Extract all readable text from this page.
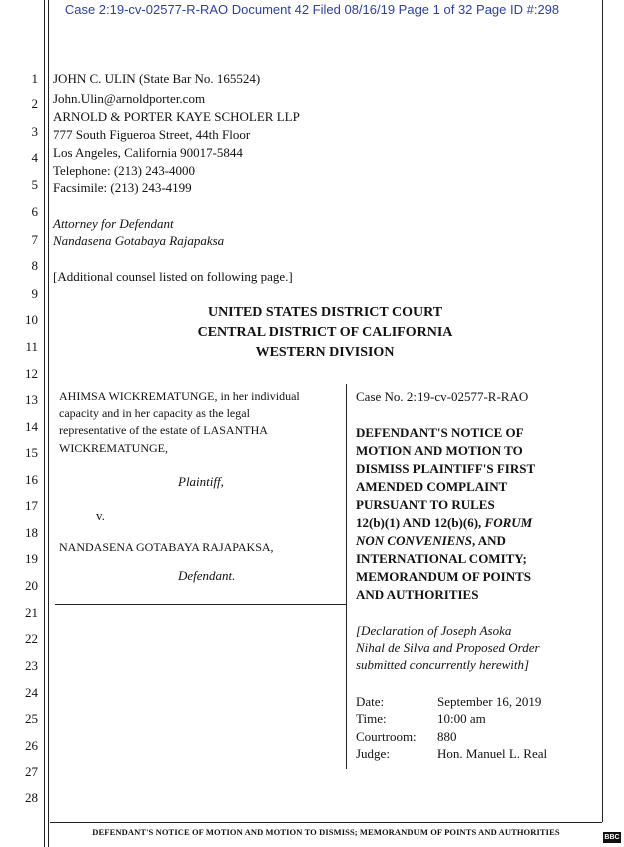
Case 2:19-cv-02577-R-RAO Document 42 Filed 08/16/19 Page 1 of 32 Page ID #:298
1
2
3
4
5
6
7
8
9
10
11
12
13
14
15
16
17
18
19
20
21
22
23
24
25
26
27
28
JOHN C. ULIN (State Bar No. 165524)
John.Ulin@arnoldporter.com
ARNOLD & PORTER KAYE SCHOLER LLP
777 South Figueroa Street, 44th Floor
Los Angeles, California 90017-5844
Telephone: (213) 243-4000
Facsimile: (213) 243-4199
Attorney for Defendant
Nandasena Gotabaya Rajapaksa
[Additional counsel listed on following page.]
UNITED STATES DISTRICT COURT
CENTRAL DISTRICT OF CALIFORNIA
WESTERN DIVISION
AHIMSA WICKREMATUNGE, in her individual
capacity and in her capacity as the legal
representative of the estate of LASANTHA
WICKREMATUNGE,
Plaintiff,
v.
NANDASENA GOTABAYA RAJAPAKSA,
Defendant.
Case No. 2:19-cv-02577-R-RAO
DEFENDANT'S NOTICE OF
MOTION AND MOTION TO
DISMISS PLAINTIFF'S FIRST
AMENDED COMPLAINT
PURSUANT TO RULES
12(b)(1) AND 12(b)(6), FORUM
NON CONVENIENS, AND
INTERNATIONAL COMITY;
MEMORANDUM OF POINTS
AND AUTHORITIES
[Declaration of Joseph Asoka
Nihal de Silva and Proposed Order
submitted concurrently herewith]
Date:	September 16, 2019
Time:	10:00 am
Courtroom: 880
Judge:	Hon. Manuel L. Real
DEFENDANT'S NOTICE OF MOTION AND MOTION TO DISMISS; MEMORANDUM OF POINTS AND AUTHORITIES
BBC
